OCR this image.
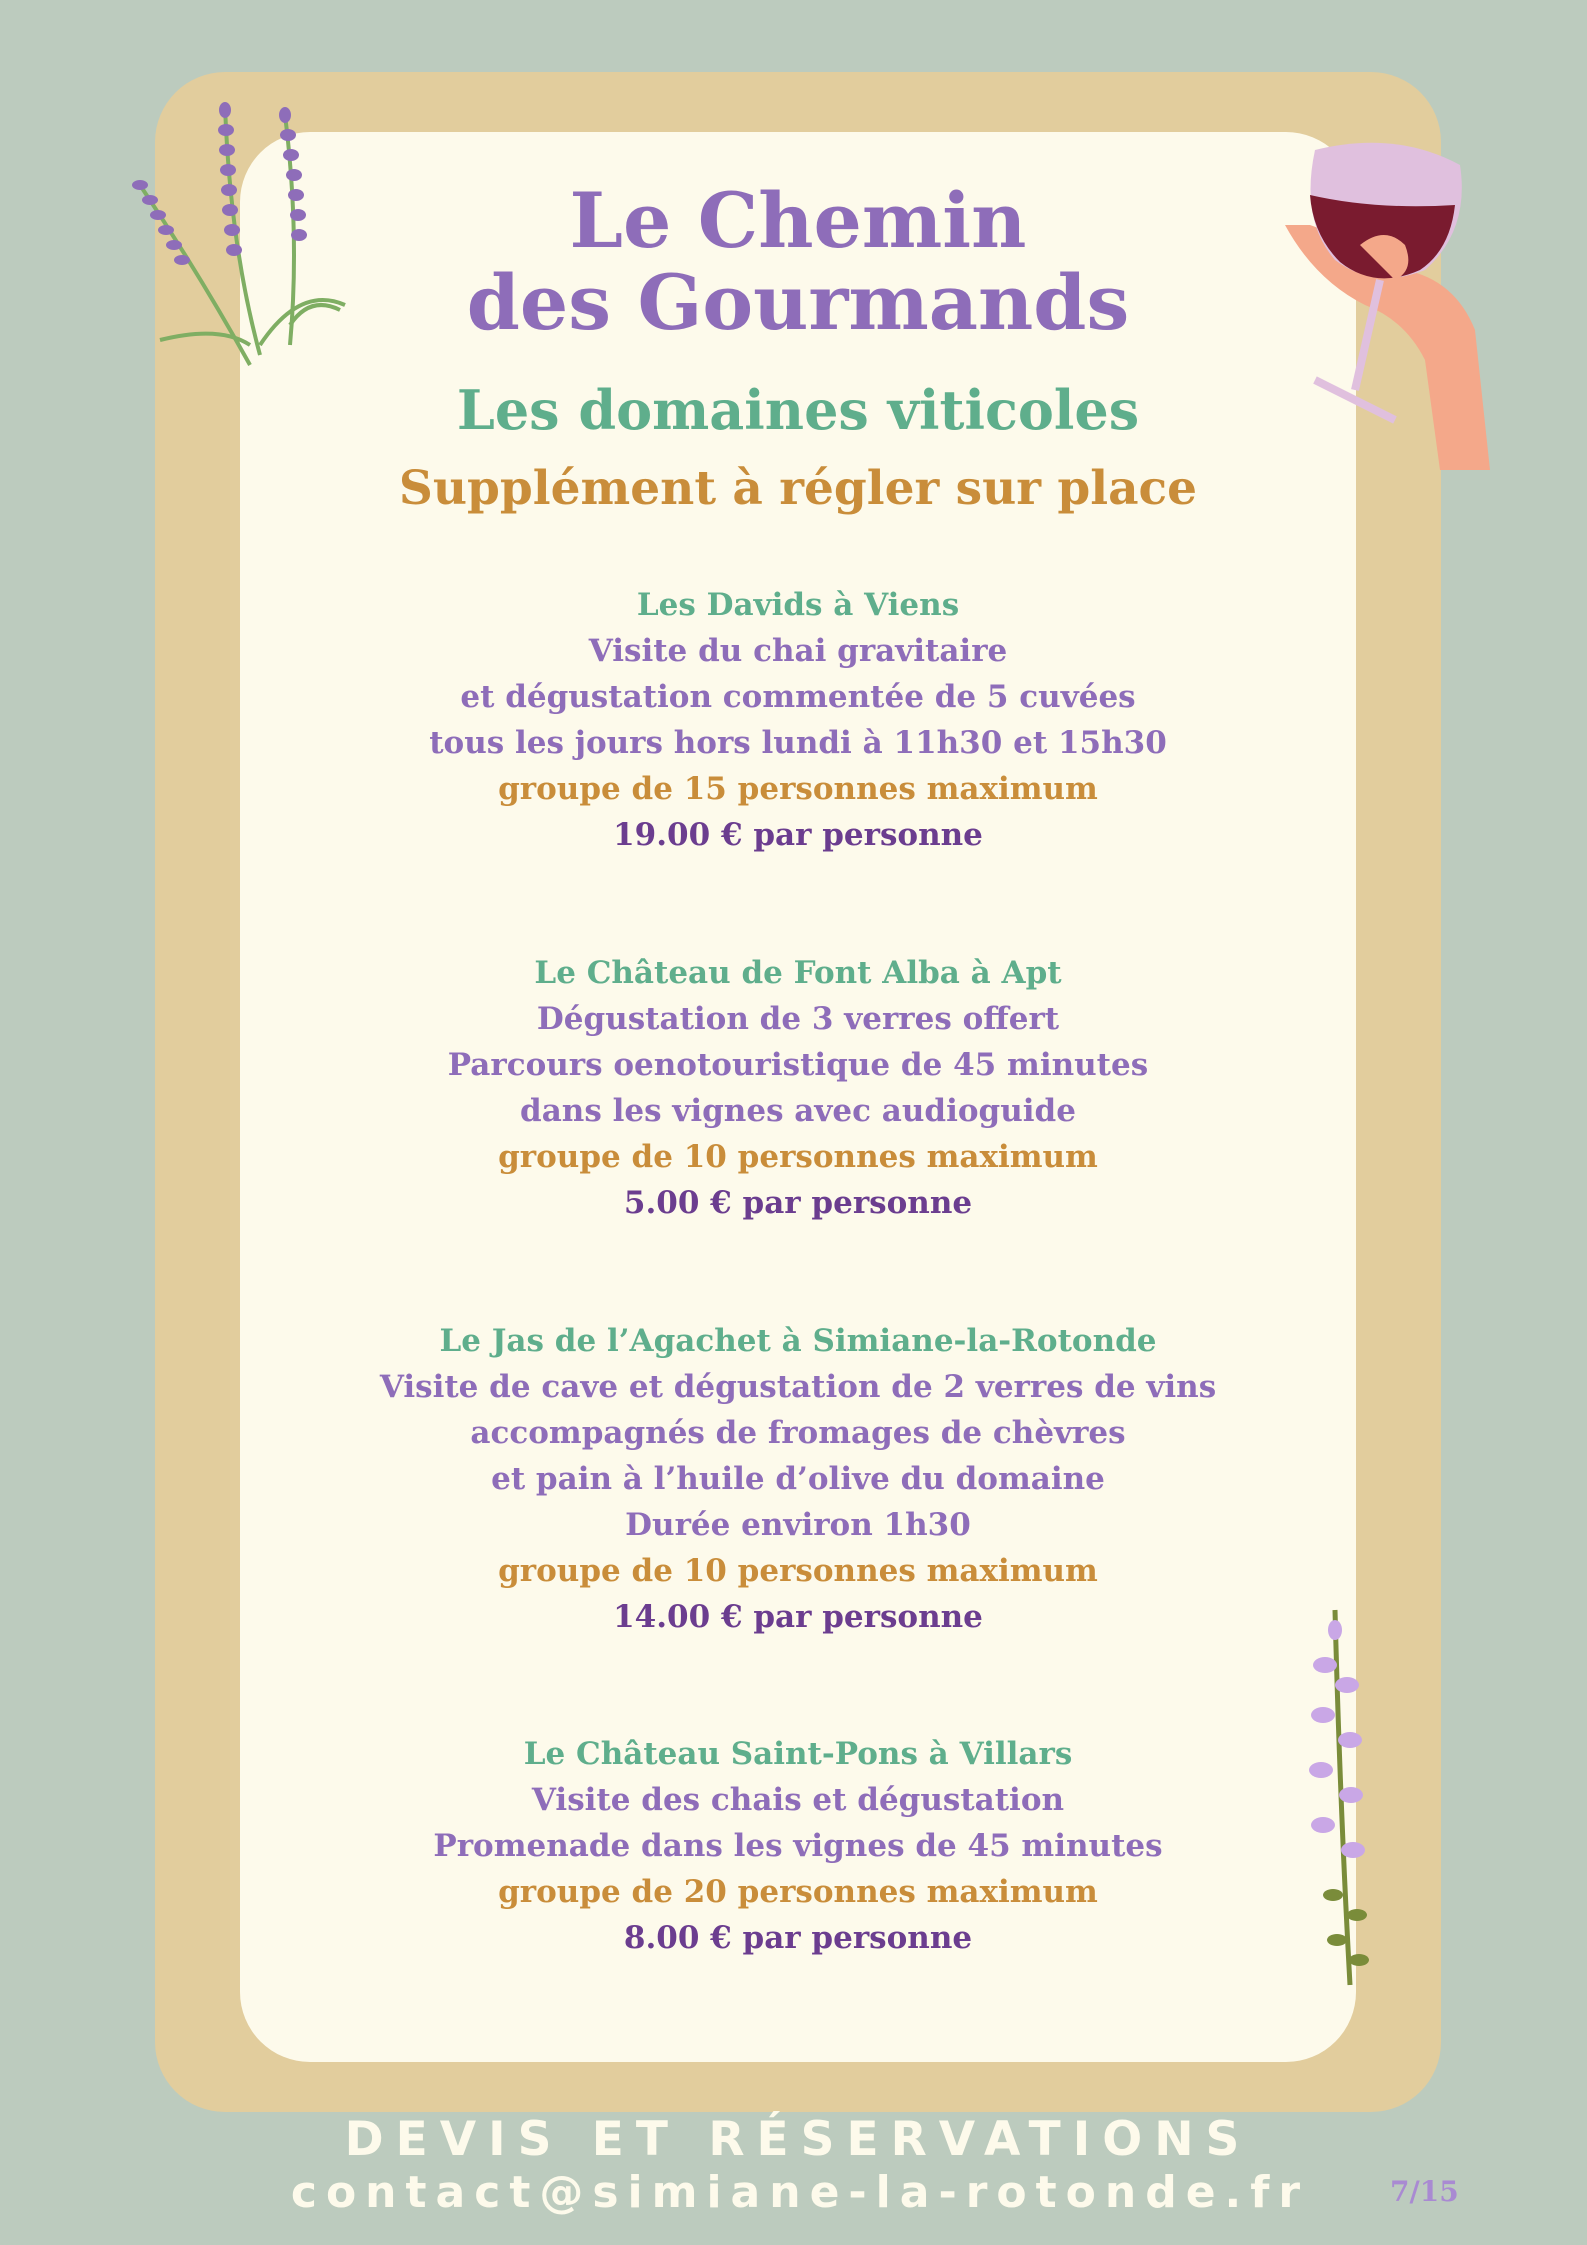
Le Chemin
des Gourmands
Les domaines viticoles
Supplément à régler sur place
Les Davids à Viens
Visite du chai gravitaire
et dégustation commentée de 5 cuvées
tous les jours hors lundi à 11h30 et 15h30
groupe de 15 personnes maximum
19.00 € par personne
Le Château de Font Alba à Apt
Dégustation de 3 verres offert
Parcours oenotouristique de 45 minutes
dans les vignes avec audioguide
groupe de 10 personnes maximum
5.00 € par personne
Le Jas de l’Agachet à Simiane-la-Rotonde
Visite de cave et dégustation de 2 verres de vins
accompagnés de fromages de chèvres
et pain à l’huile d’olive du domaine
Durée environ 1h30
groupe de 10 personnes maximum
14.00 € par personne
Le Château Saint-Pons à Villars
Visite des chais et dégustation
Promenade dans les vignes de 45 minutes
groupe de 20 personnes maximum
8.00 € par personne
DEVIS ET RÉSERVATIONS
contact@simiane-la-rotonde.fr	7/15
